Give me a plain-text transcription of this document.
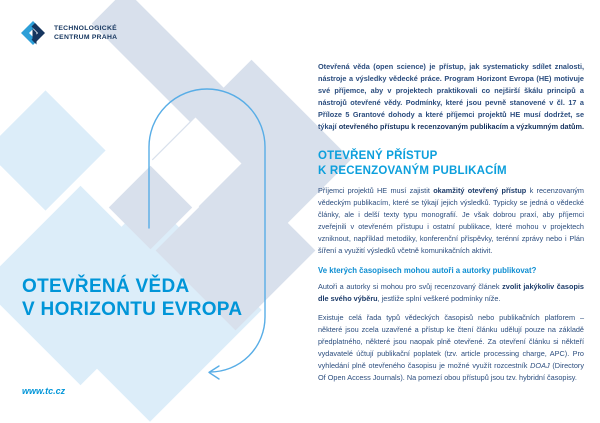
TECHNOLOGICKÉ
CENTRUM PRAHA

Otevřená věda (open science) je přístup, jak systematicky sdílet znalosti, nástroje a výsledky vědecké práce. Program Horizont Evropa (HE) motivuje své příjemce, aby v projektech praktikovali co nejširší škálu principů a nástrojů otevřené vědy. Podmínky, které jsou pevně stanovené v čl. 17 a Příloze 5 Grantové dohody a které příjemci projektů HE musí dodržet, se týkají otevřeného přístupu k recenzovaným publikacím a výzkumným datům.

OTEVŘENÝ PŘÍSTUP
K RECENZOVANÝM PUBLIKACÍM

Příjemci projektů HE musí zajistit okamžitý otevřený přístup k recenzovaným vědeckým publikacím, které se týkají jejich výsledků. Typicky se jedná o vědecké články, ale i delší texty typu monografií. Je však dobrou praxí, aby příjemci zveřejnili v otevřeném přístupu i ostatní publikace, které mohou v projektech vzniknout, například metodiky, konferenční příspěvky, terénní zprávy nebo i Plán šíření a využití výsledků včetně komunikačních aktivit.

Ve kterých časopisech mohou autoři a autorky publikovat?

Autoři a autorky si mohou pro svůj recenzovaný článek zvolit jakýkoliv časopis dle svého výběru, jestliže splní veškeré podmínky níže.

Existuje celá řada typů vědeckých časopisů nebo publikačních platforem – některé jsou zcela uzavřené a přístup ke čtení článku udělují pouze na základě předplatného, některé jsou naopak plně otevřené. Za otevření článku si někteří vydavatelé účtují publikační poplatek (tzv. article processing charge, APC). Pro vyhledání plně otevřeného časopisu je možné využít rozcestník DOAJ (Directory Of Open Access Journals). Na pomezí obou přístupů jsou tzv. hybridní časopisy.

OTEVŘENÁ VĚDA
V HORIZONTU EVROPA
www.tc.cz
